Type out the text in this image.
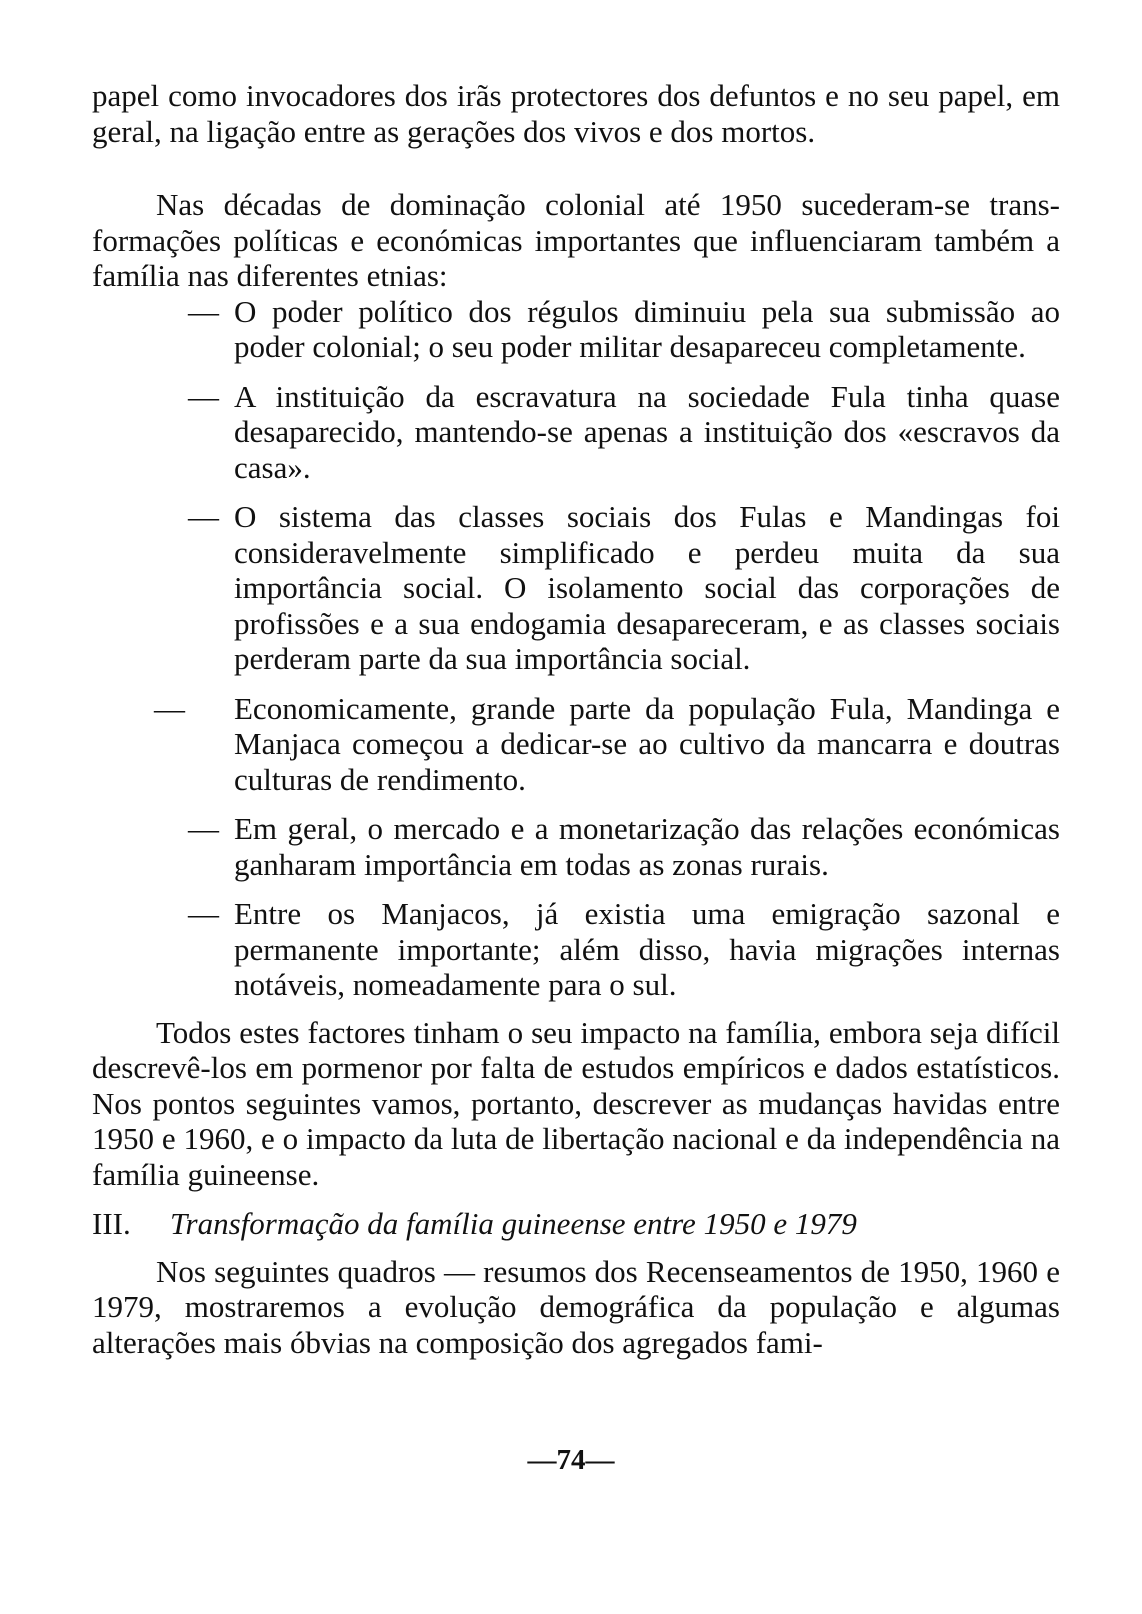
papel como invocadores dos irãs protectores dos defuntos e no seu papel, em geral, na ligação entre as gerações dos vivos e dos mortos.

Nas décadas de dominação colonial até 1950 sucederam-se transformações políticas e económicas importantes que influenciaram também a família nas diferentes etnias:

— O poder político dos régulos diminuiu pela sua submissão ao poder colonial; o seu poder militar desapareceu completamente.

— A instituição da escravatura na sociedade Fula tinha quase desaparecido, mantendo-se apenas a instituição dos «escravos da casa».

— O sistema das classes sociais dos Fulas e Mandingas foi consideravelmente simplificado e perdeu muita da sua importância social. O isolamento social das corporações de profissões e a sua endogamia desapareceram, e as classes sociais perderam parte da sua importância social.

— Economicamente, grande parte da população Fula, Mandinga e Manjaca começou a dedicar-se ao cultivo da mancarra e doutras culturas de rendimento.

— Em geral, o mercado e a monetarização das relações económicas ganharam importância em todas as zonas rurais.

— Entre os Manjacos, já existia uma emigração sazonal e permanente importante; além disso, havia migrações internas notáveis, nomeadamente para o sul.

Todos estes factores tinham o seu impacto na família, embora seja difícil descrevê-los em pormenor por falta de estudos empíricos e dados estatísticos. Nos pontos seguintes vamos, portanto, descrever as mudanças havidas entre 1950 e 1960, e o impacto da luta de libertação nacional e da independência na família guineense.

III. Transformação da família guineense entre 1950 e 1979

Nos seguintes quadros — resumos dos Recenseamentos de 1950, 1960 e 1979, mostraremos a evolução demográfica da população e algumas alterações mais óbvias na composição dos agregados fami-

—74—
